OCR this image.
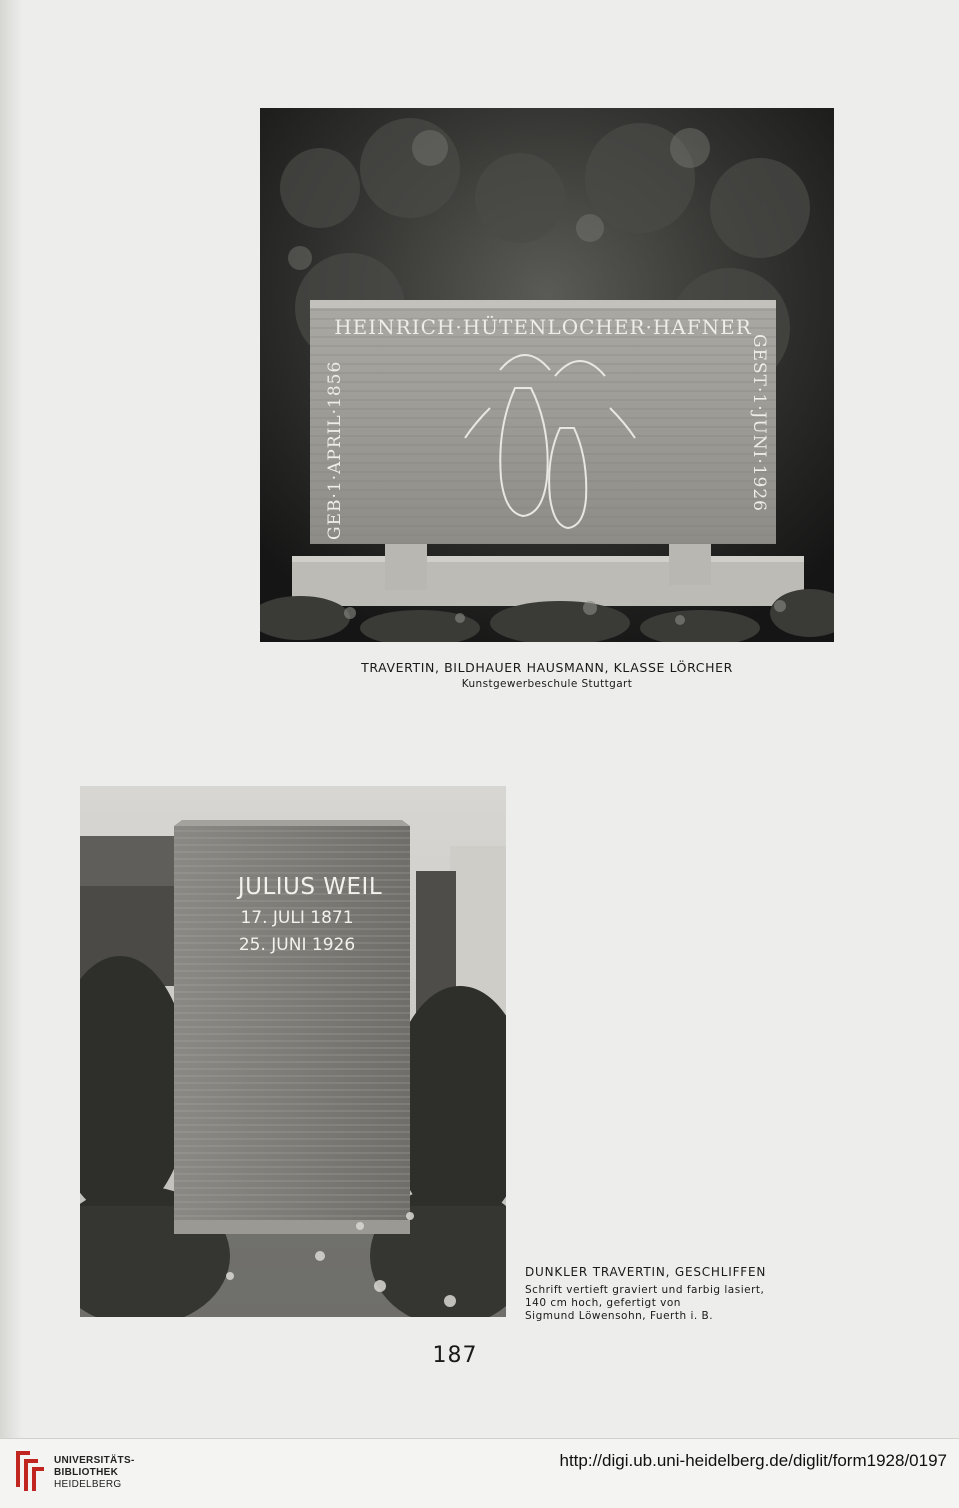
HEINRICH·HÜTENLOCHER·HAFNER
GEB·1·APRIL·1856	GEST·1·JUNI·1926
TRAVERTIN, BILDHAUER HAUSMANN, KLASSE LÖRCHER
Kunstgewerbeschule Stuttgart
JULIUS WEIL
17. JULI 1871
25. JUNI 1926
DUNKLER TRAVERTIN, GESCHLIFFEN
Schrift vertieft graviert und farbig lasiert,
140 cm hoch, gefertigt von
Sigmund Löwensohn, Fuerth i. B.
187
UNIVERSITÄTS-
BIBLIOTHEK
HEIDELBERG
http://digi.ub.uni-heidelberg.de/diglit/form1928/0197
